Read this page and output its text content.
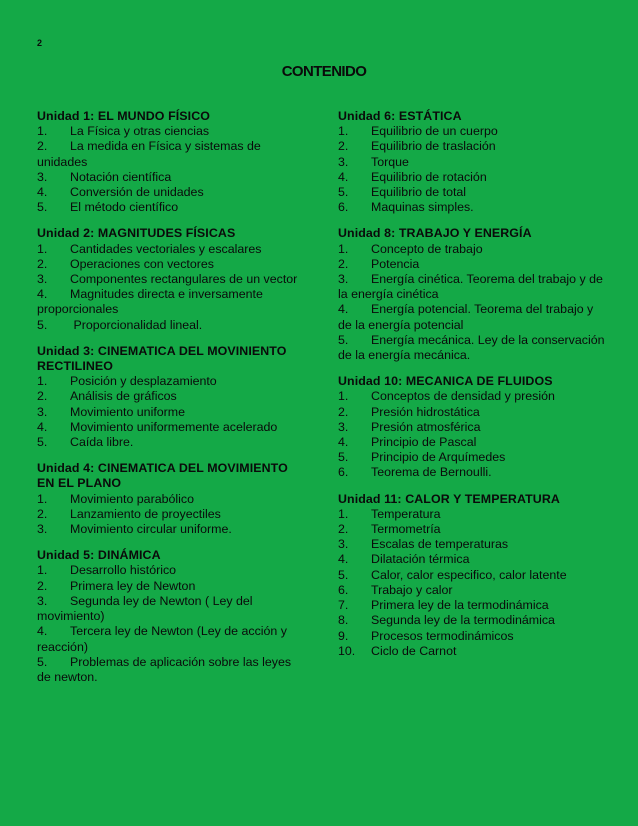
2
CONTENIDO
Unidad 1: EL MUNDO FÍSICO
1. La Física y otras ciencias
2. La medida en Física y sistemas de unidades
3. Notación científica
4. Conversión de unidades
5. El método científico
Unidad 2: MAGNITUDES FÍSICAS
1. Cantidades vectoriales y escalares
2. Operaciones con vectores
3. Componentes rectangulares de un vector
4. Magnitudes directa e inversamente proporcionales
5. Proporcionalidad lineal.
Unidad 3: CINEMATICA DEL MOVINIENTO RECTILINEO
1. Posición y desplazamiento
2. Análisis de gráficos
3. Movimiento uniforme
4. Movimiento uniformemente acelerado
5. Caída libre.
Unidad 4: CINEMATICA DEL MOVIMIENTO EN EL PLANO
1. Movimiento parabólico
2. Lanzamiento de proyectiles
3. Movimiento circular uniforme.
Unidad 5: DINÁMICA
1. Desarrollo histórico
2. Primera ley de Newton
3. Segunda ley de Newton ( Ley del movimiento)
4. Tercera ley de Newton (Ley de acción y reacción)
5. Problemas de aplicación sobre las leyes de newton.
Unidad 6: ESTÁTICA
1. Equilibrio de un cuerpo
2. Equilibrio de traslación
3. Torque
4. Equilibrio de rotación
5. Equilibrio de total
6. Maquinas simples.
Unidad 8: TRABAJO Y ENERGÍA
1. Concepto de trabajo
2. Potencia
3. Energía cinética. Teorema del trabajo y de la energía cinética
4. Energía potencial. Teorema del trabajo y de la energía potencial
5. Energía mecánica. Ley de la conservación de la energía mecánica.
Unidad 10: MECANICA DE FLUIDOS
1. Conceptos de densidad y presión
2. Presión hidrostática
3. Presión atmosférica
4. Principio de Pascal
5. Principio de Arquímedes
6. Teorema de Bernoulli.
Unidad 11: CALOR Y TEMPERATURA
1. Temperatura
2. Termometría
3. Escalas de temperaturas
4. Dilatación térmica
5. Calor, calor especifico, calor latente
6. Trabajo y calor
7. Primera ley de la termodinámica
8. Segunda ley de la termodinámica
9. Procesos termodinámicos
10. Ciclo de Carnot
